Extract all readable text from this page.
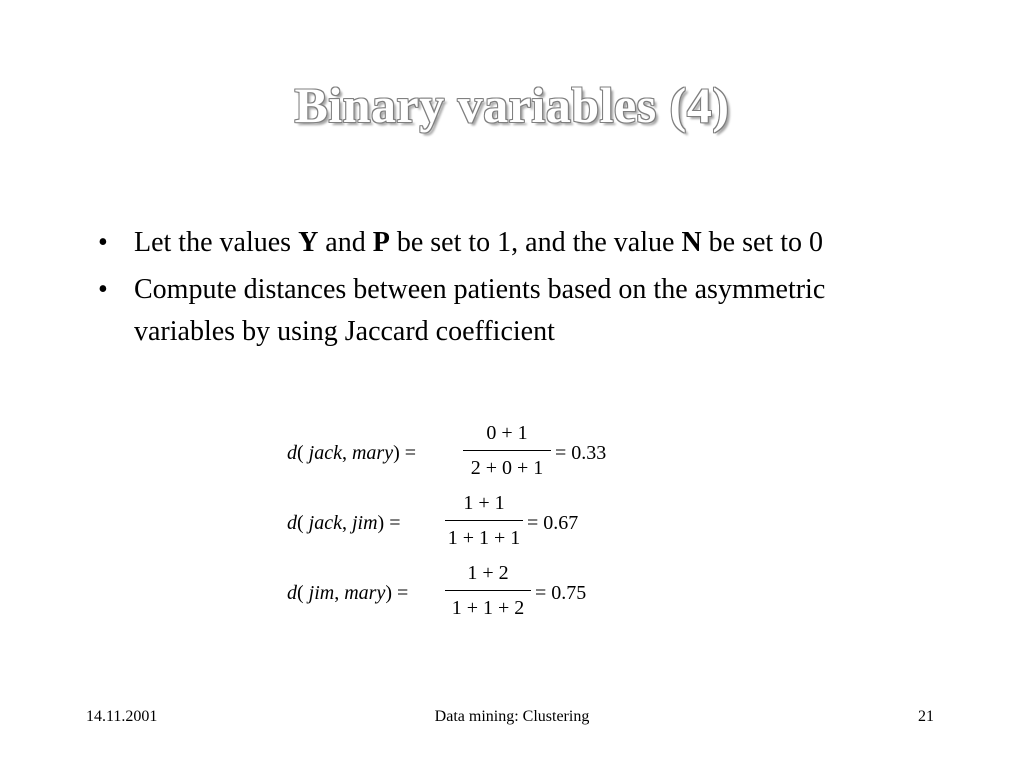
Binary variables (4)
• Let the values Y and P be set to 1, and the value N be set to 0
• Compute distances between patients based on the asymmetric variables by using Jaccard coefficient
d( jack, mary) =
0 + 1
2 + 0 + 1
= 0.33
d( jack, jim) =
1 + 1
1 + 1 + 1
= 0.67
d( jim, mary) =
1 + 2
1 + 1 + 2
= 0.75
14.11.2001	Data mining: Clustering	21
